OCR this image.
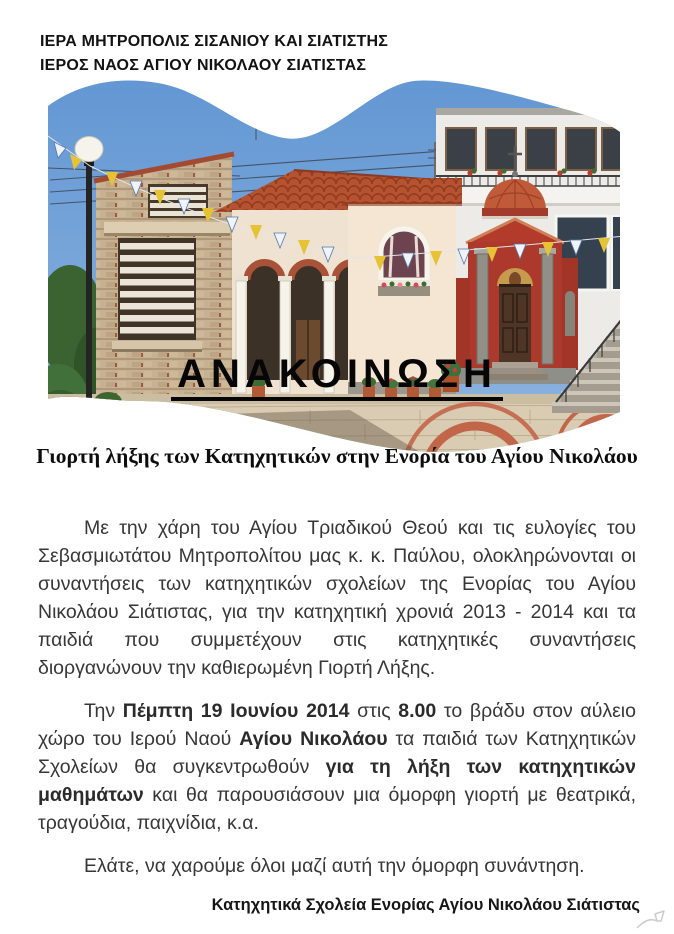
ΙΕΡΑ ΜΗΤΡΟΠΟΛΙΣ ΣΙΣΑΝΙΟΥ ΚΑΙ ΣΙΑΤΙΣΤΗΣ
ΙΕΡΟΣ ΝΑΟΣ ΑΓΙΟΥ ΝΙΚΟΛΑΟΥ ΣΙΑΤΙΣΤΑΣ
ΑΝΑΚΟΙΝΩΣΗ
Γιορτή λήξης των Κατηχητικών στην Ενορία του Αγίου Νικολάου

Με την χάρη του Αγίου Τριαδικού Θεού και τις ευλογίες του Σεβασμιωτάτου Μητροπολίτου μας κ. κ. Παύλου, ολοκληρώνονται οι συναντήσεις των κατηχητικών σχολείων της Ενορίας του Αγίου Νικολάου Σιάτιστας, για την κατηχητική χρονιά 2013 - 2014 και τα παιδιά που συμμετέχουν στις κατηχητικές συναντήσεις διοργανώνουν την καθιερωμένη Γιορτή Λήξης.

Την Πέμπτη 19 Ιουνίου 2014 στις 8.00 το βράδυ στον αύλειο χώρο του Ιερού Ναού Αγίου Νικολάου τα παιδιά των Κατηχητικών Σχολείων θα συγκεντρωθούν για τη λήξη των κατηχητικών μαθημάτων και θα παρουσιάσουν μια όμορφη γιορτή με θεατρικά, τραγούδια, παιχνίδια, κ.α.

Ελάτε, να χαρούμε όλοι μαζί αυτή την όμορφη συνάντηση.

Κατηχητικά Σχολεία Ενορίας Αγίου Νικολάου Σιάτιστας
